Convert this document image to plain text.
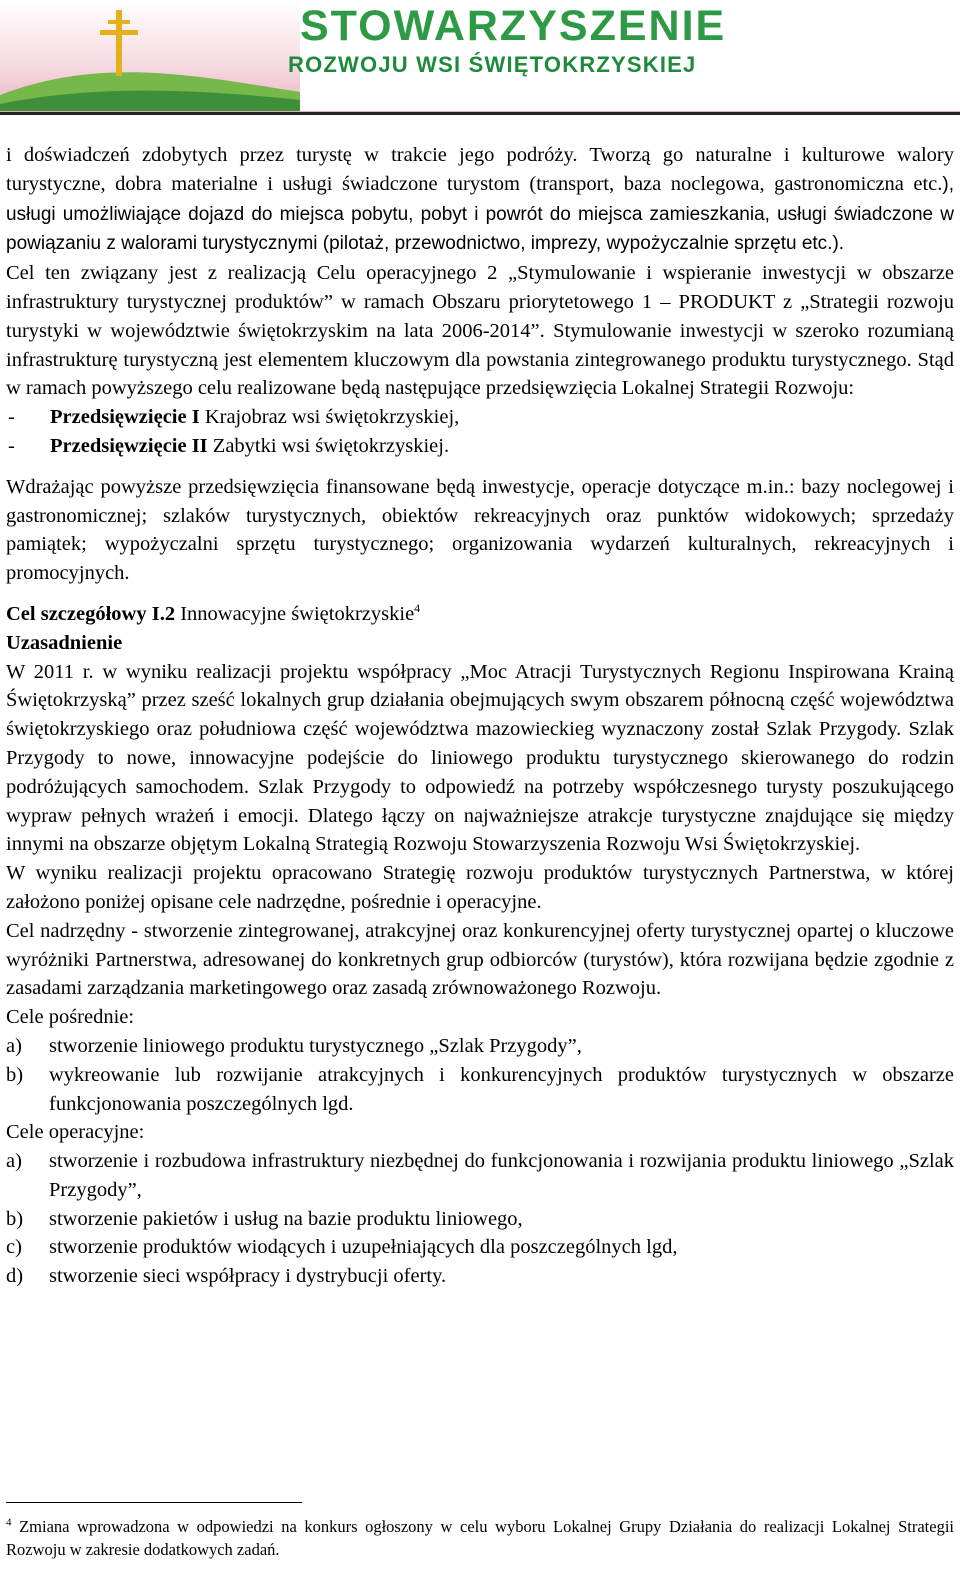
STOWARZYSZENIE
ROZWOJU WSI ŚWIĘTOKRZYSKIEJ

i doświadczeń zdobytych przez turystę w trakcie jego podróży. Tworzą go naturalne i kulturowe walory turystyczne, dobra materialne i usługi świadczone turystom (transport, baza noclegowa, gastronomiczna etc.), usługi umożliwiające dojazd do miejsca pobytu, pobyt i powrót do miejsca zamieszkania, usługi świadczone w powiązaniu z walorami turystycznymi (pilotaż, przewodnictwo, imprezy, wypożyczalnie sprzętu etc.).

Cel ten związany jest z realizacją Celu operacyjnego 2 „Stymulowanie i wspieranie inwestycji w obszarze infrastruktury turystycznej produktów” w ramach Obszaru priorytetowego 1 – PRODUKT z „Strategii rozwoju turystyki w województwie świętokrzyskim na lata 2006-2014”. Stymulowanie inwestycji w szeroko rozumianą infrastrukturę turystyczną jest elementem kluczowym dla powstania zintegrowanego produktu turystycznego. Stąd w ramach powyższego celu realizowane będą następujące przedsięwzięcia Lokalnej Strategii Rozwoju:

-	Przedsięwzięcie I Krajobraz wsi świętokrzyskiej,
-	Przedsięwzięcie II Zabytki wsi świętokrzyskiej.

Wdrażając powyższe przedsięwzięcia finansowane będą inwestycje, operacje dotyczące m.in.: bazy noclegowej i gastronomicznej; szlaków turystycznych, obiektów rekreacyjnych oraz punktów widokowych; sprzedaży pamiątek; wypożyczalni sprzętu turystycznego; organizowania wydarzeń kulturalnych, rekreacyjnych i promocyjnych.

Cel szczegółowy I.2 Innowacyjne świętokrzyskie$^4$

Uzasadnienie

W 2011 r. w wyniku realizacji projektu współpracy „Moc Atracji Turystycznych Regionu Inspirowana Krainą Świętokrzyską” przez sześć lokalnych grup działania obejmujących swym obszarem północną część województwa świętokrzyskiego oraz południowa część województwa mazowieckieg wyznaczony został Szlak Przygody. Szlak Przygody to nowe, innowacyjne podejście do liniowego produktu turystycznego skierowanego do rodzin podróżujących samochodem. Szlak Przygody to odpowiedź na potrzeby współczesnego turysty poszukującego wypraw pełnych wrażeń i emocji. Dlatego łączy on najważniejsze atrakcje turystyczne znajdujące się między innymi na obszarze objętym Lokalną Strategią Rozwoju Stowarzyszenia Rozwoju Wsi Świętokrzyskiej.

W wyniku realizacji projektu opracowano Strategię rozwoju produktów turystycznych Partnerstwa, w której założono poniżej opisane cele nadrzędne, pośrednie i operacyjne.

Cel nadrzędny - stworzenie zintegrowanej, atrakcyjnej oraz konkurencyjnej oferty turystycznej opartej o kluczowe wyróżniki Partnerstwa, adresowanej do konkretnych grup odbiorców (turystów), która rozwijana będzie zgodnie z zasadami zarządzania marketingowego oraz zasadą zrównoważonego Rozwoju.

Cele pośrednie:

a)	stworzenie liniowego produktu turystycznego „Szlak Przygody”,
b)	wykreowanie lub rozwijanie atrakcyjnych i konkurencyjnych produktów turystycznych w obszarze funkcjonowania poszczególnych lgd.

Cele operacyjne:

a)	stworzenie i rozbudowa infrastruktury niezbędnej do funkcjonowania i rozwijania produktu liniowego „Szlak Przygody”,
b)	stworzenie pakietów i usług na bazie produktu liniowego,
c)	stworzenie produktów wiodących i uzupełniających dla poszczególnych lgd,
d)	stworzenie sieci współpracy i dystrybucji oferty.
$^4$ Zmiana wprowadzona w odpowiedzi na konkurs ogłoszony w celu wyboru Lokalnej Grupy Działania do realizacji Lokalnej Strategii Rozwoju w zakresie dodatkowych zadań.
